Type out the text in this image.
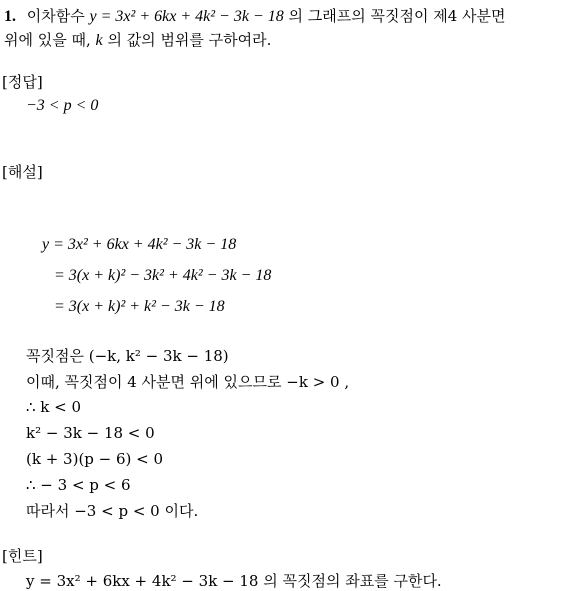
1. 이차함수 y = 3x² + 6kx + 4k² − 3k − 18 의 그래프의 꼭짓점이 제4 사분면
위에 있을 때, k 의 값의 범위를 구하여라.
[정답]
−3 < p < 0
[해설]
y = 3x² + 6kx + 4k² − 3k − 18
= 3(x + k)² − 3k² + 4k² − 3k − 18
= 3(x + k)² + k² − 3k − 18
꼭짓점은 (−k, k² − 3k − 18)
이때, 꼭짓점이 4 사분면 위에 있으므로 −k > 0 ,
∴ k < 0
k² − 3k − 18 < 0
(k + 3)(p − 6) < 0
∴ − 3 < p < 6
따라서 −3 < p < 0 이다.
[힌트]
y = 3x² + 6kx + 4k² − 3k − 18 의 꼭짓점의 좌표를 구한다.
